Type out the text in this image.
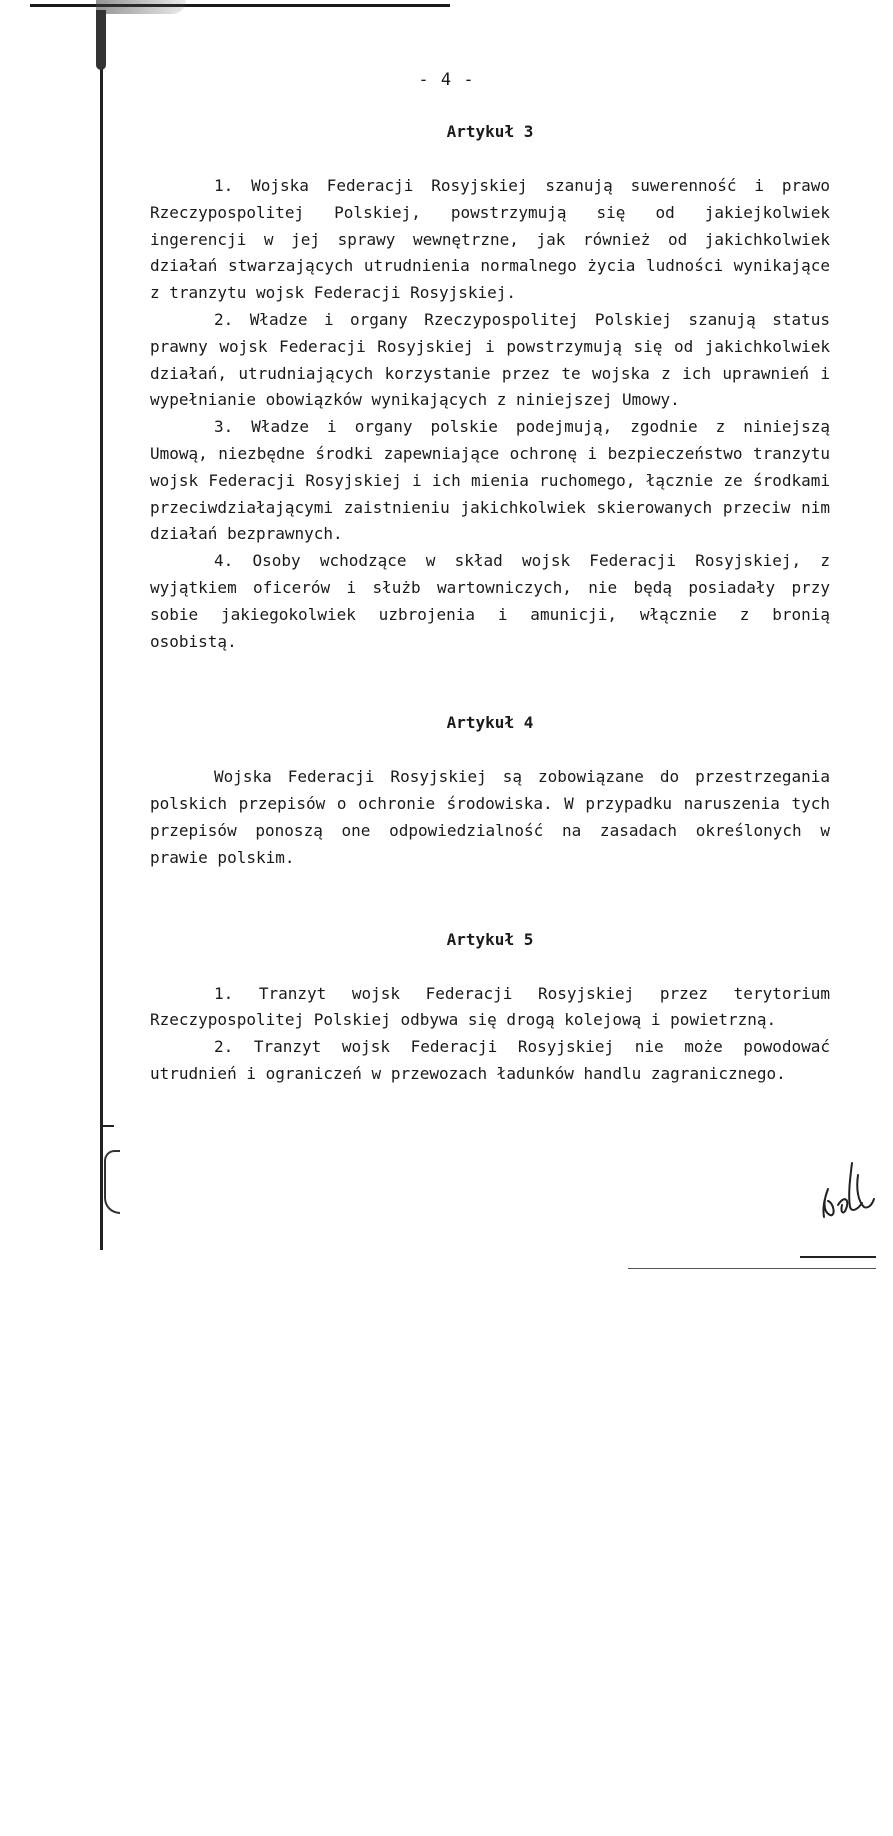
- 4 -
Artykuł 3

1. Wojska Federacji Rosyjskiej szanują suwerenność i prawo Rzeczypospolitej Polskiej, powstrzymują się od jakiejkolwiek ingerencji w jej sprawy wewnętrzne, jak również od jakichkolwiek działań stwarzających utrudnienia normalnego życia ludności wynikające z tranzytu wojsk Federacji Rosyjskiej.

2. Władze i organy Rzeczypospolitej Polskiej szanują status prawny wojsk Federacji Rosyjskiej i powstrzymują się od jakichkolwiek działań, utrudniających korzystanie przez te wojska z ich uprawnień i wypełnianie obowiązków wynikających z niniejszej Umowy.

3. Władze i organy polskie podejmują, zgodnie z niniejszą Umową, niezbędne środki zapewniające ochronę i bezpieczeństwo tranzytu wojsk Federacji Rosyjskiej i ich mienia ruchomego, łącznie ze środkami przeciwdziałającymi zaistnieniu jakichkolwiek skierowanych przeciw nim działań bezprawnych.

4. Osoby wchodzące w skład wojsk Federacji Rosyjskiej, z wyjątkiem oficerów i służb wartowniczych, nie będą posiadały przy sobie jakiegokolwiek uzbrojenia i amunicji, włącznie z bronią osobistą.

Artykuł 4

Wojska Federacji Rosyjskiej są zobowiązane do przestrzegania polskich przepisów o ochronie środowiska. W przypadku naruszenia tych przepisów ponoszą one odpowiedzialność na zasadach określonych w prawie polskim.

Artykuł 5

1. Tranzyt wojsk Federacji Rosyjskiej przez terytorium Rzeczypospolitej Polskiej odbywa się drogą kolejową i powietrzną.

2. Tranzyt wojsk Federacji Rosyjskiej nie może powodować utrudnień i ograniczeń w przewozach ładunków handlu zagranicznego.
